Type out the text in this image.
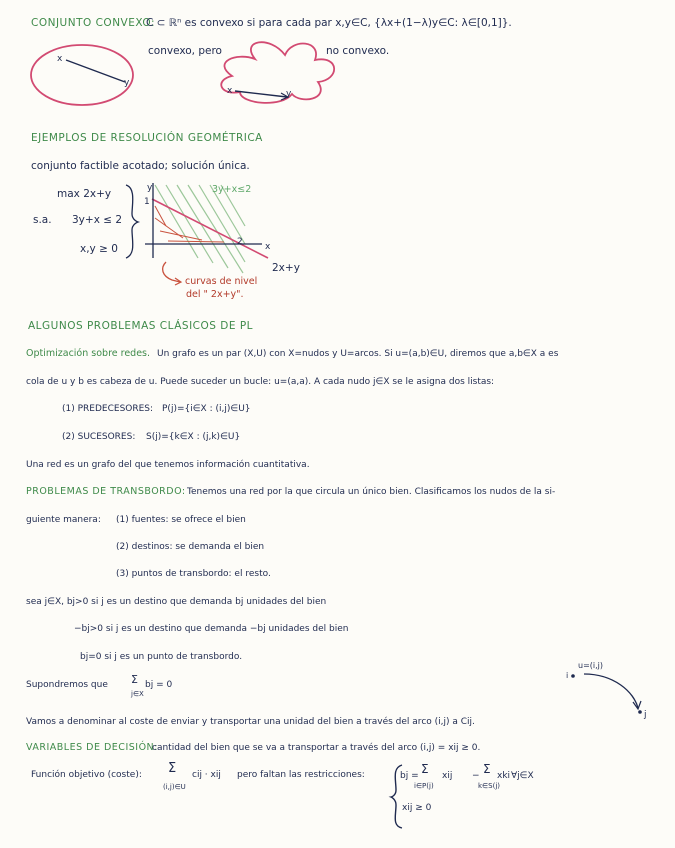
CONJUNTO CONVEXO:
C ⊂ ℝⁿ es convexo si para cada par x,y∈C, {λx+(1−λ)y∈C: λ∈[0,1]}.
convexo, pero	no convexo.
x
y
x	y
EJEMPLOS DE RESOLUCIÓN GEOMÉTRICA
conjunto factible acotado; solución única.
max 2x+y
s.a. 3y+x ≤ 2
x,y ≥ 0
y
x
1
2
3y+x≤2
2x+y
curvas de nivel
del " 2x+y".
ALGUNOS PROBLEMAS CLÁSICOS DE PL
Optimización sobre redes. Un grafo es un par (X,U) con X=nudos y U=arcos. Si u=(a,b)∈U, diremos que a,b∈X a es
cola de u y b es cabeza de u. Puede suceder un bucle: u=(a,a). A cada nudo j∈X se le asigna dos listas:
(1) PREDECESORES: P(j)={i∈X : (i,j)∈U}
(2) SUCESORES: S(j)={k∈X : (j,k)∈U}
Una red es un grafo del que tenemos información cuantitativa.
PROBLEMAS DE TRANSBORDO: Tenemos una red por la que circula un único bien. Clasificamos los nudos de la si-
guiente manera: (1) fuentes: se ofrece el bien
(2) destinos: se demanda el bien
(3) puntos de transbordo: el resto.
sea j∈X, bj>0 si j es un destino que demanda bj unidades del bien
−bj>0 si j es un destino que demanda −bj unidades del bien
bj=0 si j es un punto de transbordo.
Supondremos que Σ
j∈X
bj = 0
u=(i,j)
i
j
Vamos a denominar al coste de enviar y transportar una unidad del bien a través del arco (i,j) a Cij.
VARIABLES DE DECISIÓN:
cantidad del bien que se va a transportar a través del arco (i,j) = xij ≥ 0.
Función objetivo (coste): Σ
(i,j)∈U
cij · xij pero faltan las restricciones:	bj = Σ
i∈P(j)
xij − Σ
k∈S(j)
xki ∀j∈X
xij ≥ 0
